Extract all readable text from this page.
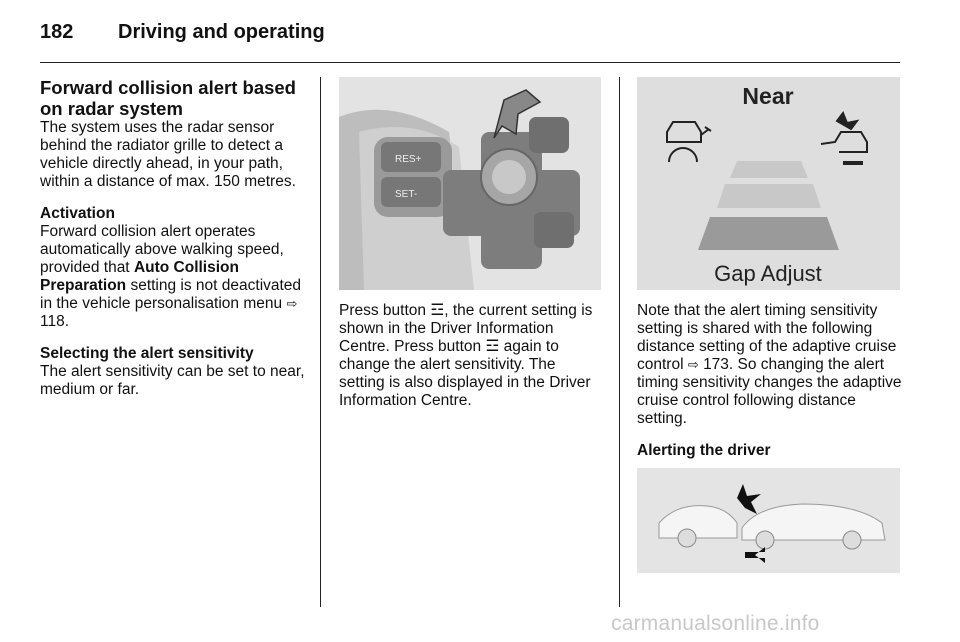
182 Driving and operating
Forward collision alert based on radar system

The system uses the radar sensor behind the radiator grille to detect a vehicle directly ahead, in your path, within a distance of max. 150 metres.

Activation
Forward collision alert operates automatically above walking speed, provided that Auto Collision Preparation setting is not deactivated in the vehicle personalisation menu ⇨ 118.

Selecting the alert sensitivity
The alert sensitivity can be set to near, medium or far.

RES+
SET-

Press button ☲, the current setting is shown in the Driver Information Centre. Press button ☲ again to change the alert sensitivity. The setting is also displayed in the Driver Information Centre.

Near
Gap Adjust

Note that the alert timing sensitivity setting is shared with the following distance setting of the adaptive cruise control ⇨ 173. So changing the alert timing sensitivity changes the adaptive cruise control following distance setting.

Alerting the driver
carmanualsonline.info
